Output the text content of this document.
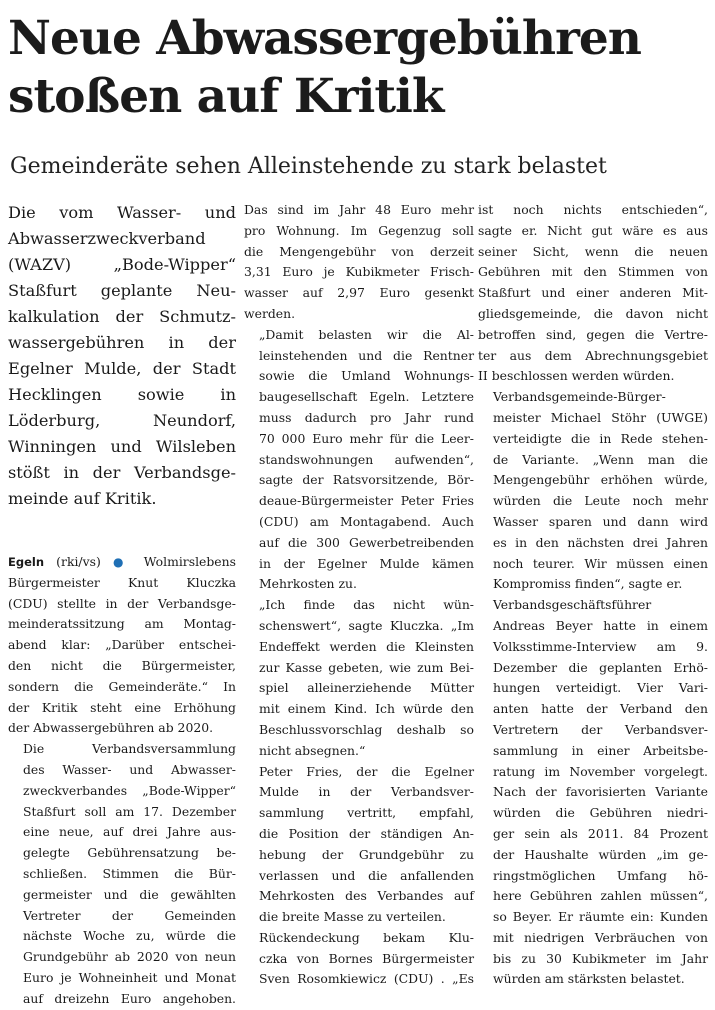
Neue Abwassergebühren
stoßen auf Kritik
Gemeinderäte sehen Alleinstehende zu stark belastet

Die vom Wasser- und
Abwasserzweckverband
(WAZV) „Bode-Wipper“
Staßfurt geplante Neu-
kalkulation der Schmutz-
wassergebühren in der
Egelner Mulde, der Stadt
Hecklingen sowie in
Löderburg, Neundorf,
Winningen und Wilsleben
stößt in der Verbandsge-
meinde auf Kritik.

Egeln (rki/vs) ● Wolmirslebens
Bürgermeister Knut Kluczka
(CDU) stellte in der Verbandsge-
meinderatssitzung am Montag-
abend klar: „Darüber entschei-
den nicht die Bürgermeister,
sondern die Gemeinderäte.“ In
der Kritik steht eine Erhöhung
der Abwassergebühren ab 2020.

Die Verbandsversammlung
des Wasser- und Abwasser-
zweckverbandes „Bode-Wipper“
Staßfurt soll am 17. Dezember
eine neue, auf drei Jahre aus-
gelegte Gebührensatzung be-
schließen. Stimmen die Bür-
germeister und die gewählten
Vertreter der Gemeinden
nächste Woche zu, würde die
Grundgebühr ab 2020 von neun
Euro je Wohneinheit und Monat
auf dreizehn Euro angehoben.

Das sind im Jahr 48 Euro mehr
pro Wohnung. Im Gegenzug soll
die Mengengebühr von derzeit
3,31 Euro je Kubikmeter Frisch-
wasser auf 2,97 Euro gesenkt
werden.

„Damit belasten wir die Al-
leinstehenden und die Rentner
sowie die Umland Wohnungs-
baugesellschaft Egeln. Letztere
muss dadurch pro Jahr rund
70 000 Euro mehr für die Leer-
standswohnungen aufwenden“,
sagte der Ratsvorsitzende, Bör-
deaue-Bürgermeister Peter Fries
(CDU) am Montagabend. Auch
auf die 300 Gewerbetreibenden
in der Egelner Mulde kämen
Mehrkosten zu.

„Ich finde das nicht wün-
schenswert“, sagte Kluczka. „Im
Endeffekt werden die Kleinsten
zur Kasse gebeten, wie zum Bei-
spiel alleinerziehende Mütter
mit einem Kind. Ich würde den
Beschlussvorschlag deshalb so
nicht absegnen.“

Peter Fries, der die Egelner
Mulde in der Verbandsver-
sammlung vertritt, empfahl,
die Position der ständigen An-
hebung der Grundgebühr zu
verlassen und die anfallenden
Mehrkosten des Verbandes auf
die breite Masse zu verteilen.

Rückendeckung bekam Klu-
czka von Bornes Bürgermeister
Sven Rosomkiewicz (CDU) . „Es

ist noch nichts entschieden“,
sagte er. Nicht gut wäre es aus
seiner Sicht, wenn die neuen
Gebühren mit den Stimmen von
Staßfurt und einer anderen Mit-
gliedsgemeinde, die davon nicht
betroffen sind, gegen die Vertre-
ter aus dem Abrechnungsgebiet
II beschlossen werden würden.

Verbandsgemeinde-Bürger-
meister Michael Stöhr (UWGE)
verteidigte die in Rede stehen-
de Variante. „Wenn man die
Mengengebühr erhöhen würde,
würden die Leute noch mehr
Wasser sparen und dann wird
es in den nächsten drei Jahren
noch teurer. Wir müssen einen
Kompromiss finden“, sagte er.

Verbandsgeschäftsführer
Andreas Beyer hatte in einem
Volksstimme-Interview am 9.
Dezember die geplanten Erhö-
hungen verteidigt. Vier Vari-
anten hatte der Verband den
Vertretern der Verbandsver-
sammlung in einer Arbeitsbe-
ratung im November vorgelegt.
Nach der favorisierten Variante
würden die Gebühren niedri-
ger sein als 2011. 84 Prozent
der Haushalte würden „im ge-
ringstmöglichen Umfang hö-
here Gebühren zahlen müssen“,
so Beyer. Er räumte ein: Kunden
mit niedrigen Verbräuchen von
bis zu 30 Kubikmeter im Jahr
würden am stärksten belastet.
